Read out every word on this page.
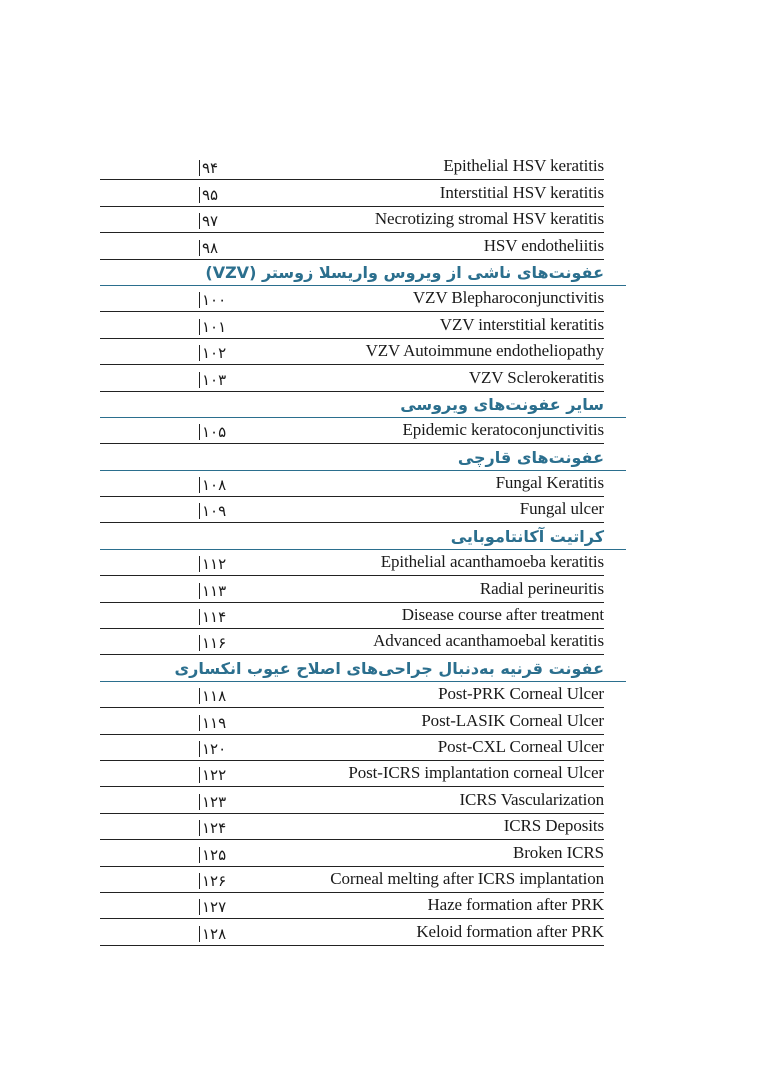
۹۴	Epithelial HSV keratitis
۹۵	Interstitial HSV keratitis
۹۷	Necrotizing stromal HSV keratitis
۹۸	HSV endotheliitis
عفونت‌های ناشی از ویروس واریسلا زوستر (VZV)
۱۰۰	VZV Blepharoconjunctivitis
۱۰۱	VZV interstitial keratitis
۱۰۲	VZV Autoimmune endotheliopathy
۱۰۳	VZV Sclerokeratitis
سایر عفونت‌های ویروسی
۱۰۵	Epidemic keratoconjunctivitis
عفونت‌های قارچی
۱۰۸	Fungal Keratitis
۱۰۹	Fungal ulcer
کراتیت آکانتاموبایی
۱۱۲	Epithelial acanthamoeba keratitis
۱۱۳	Radial perineuritis
۱۱۴	Disease course after treatment
۱۱۶	Advanced acanthamoebal keratitis
عفونت قرنیه به‌دنبال جراحی‌های اصلاح عیوب انکساری
۱۱۸	Post-PRK Corneal Ulcer
۱۱۹	Post-LASIK Corneal Ulcer
۱۲۰	Post-CXL Corneal Ulcer
۱۲۲	Post-ICRS implantation corneal Ulcer
۱۲۳	ICRS Vascularization
۱۲۴	ICRS Deposits
۱۲۵	Broken ICRS
۱۲۶	Corneal melting after ICRS implantation
۱۲۷	Haze formation after PRK
۱۲۸	Keloid formation after PRK
